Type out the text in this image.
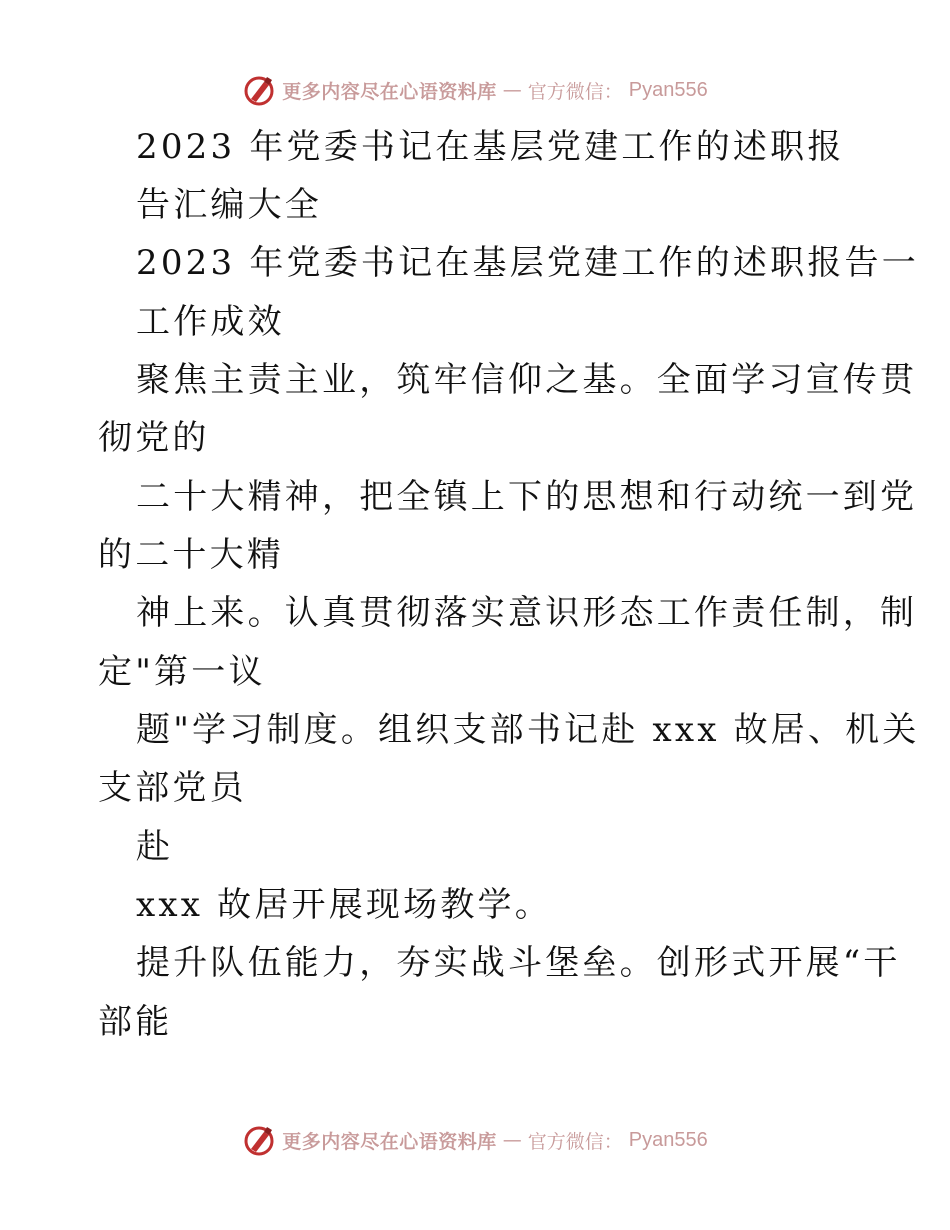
更多内容尽在心语资料库 — 官方微信： Pyan556
2023 年党委书记在基层党建工作的述职报
告汇编大全
2023 年党委书记在基层党建工作的述职报告一
工作成效
聚焦主责主业，筑牢信仰之基。全面学习宣传贯
彻党的
二十大精神，把全镇上下的思想和行动统一到党
的二十大精
神上来。认真贯彻落实意识形态工作责任制，制
定"第一议
题"学习制度。组织支部书记赴 xxx 故居、机关
支部党员
赴
xxx 故居开展现场教学。
提升队伍能力，夯实战斗堡垒。创形式开展“干
部能
更多内容尽在心语资料库 — 官方微信： Pyan556
